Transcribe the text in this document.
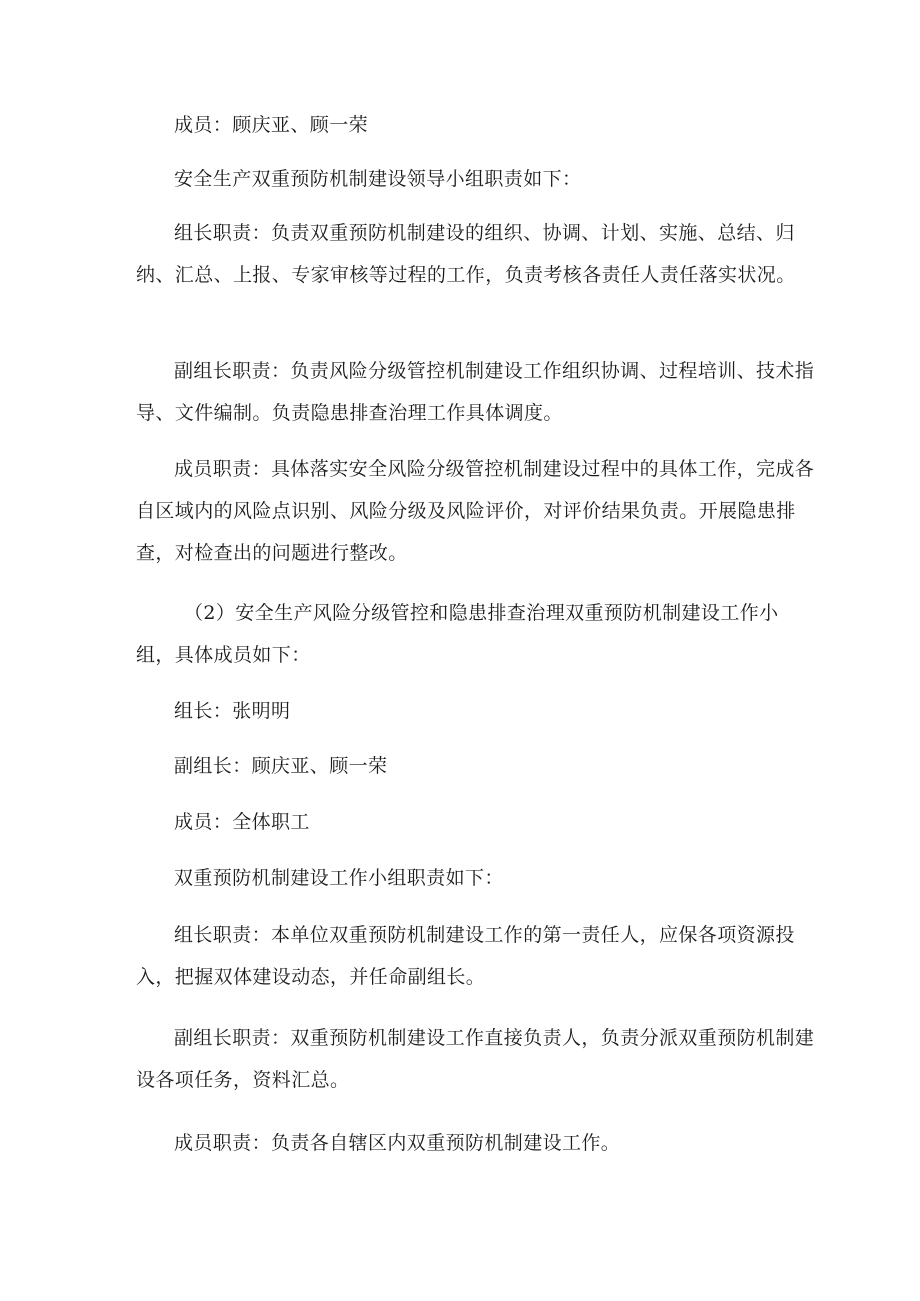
成员：顾庆亚、顾一荣

安全生产双重预防机制建设领导小组职责如下：

组长职责：负责双重预防机制建设的组织、协调、计划、实施、总结、归纳、汇总、上报、专家审核等过程的工作，负责考核各责任人责任落实状况。

副组长职责：负责风险分级管控机制建设工作组织协调、过程培训、技术指导、文件编制。负责隐患排查治理工作具体调度。

成员职责：具体落实安全风险分级管控机制建设过程中的具体工作，完成各自区域内的风险点识别、风险分级及风险评价，对评价结果负责。开展隐患排查，对检查出的问题进行整改。

（2）安全生产风险分级管控和隐患排查治理双重预防机制建设工作小组，具体成员如下：

组长：张明明

副组长：顾庆亚、顾一荣

成员：全体职工

双重预防机制建设工作小组职责如下：

组长职责：本单位双重预防机制建设工作的第一责任人，应保各项资源投入，把握双体建设动态，并任命副组长。

副组长职责：双重预防机制建设工作直接负责人，负责分派双重预防机制建设各项任务，资料汇总。

成员职责：负责各自辖区内双重预防机制建设工作。
